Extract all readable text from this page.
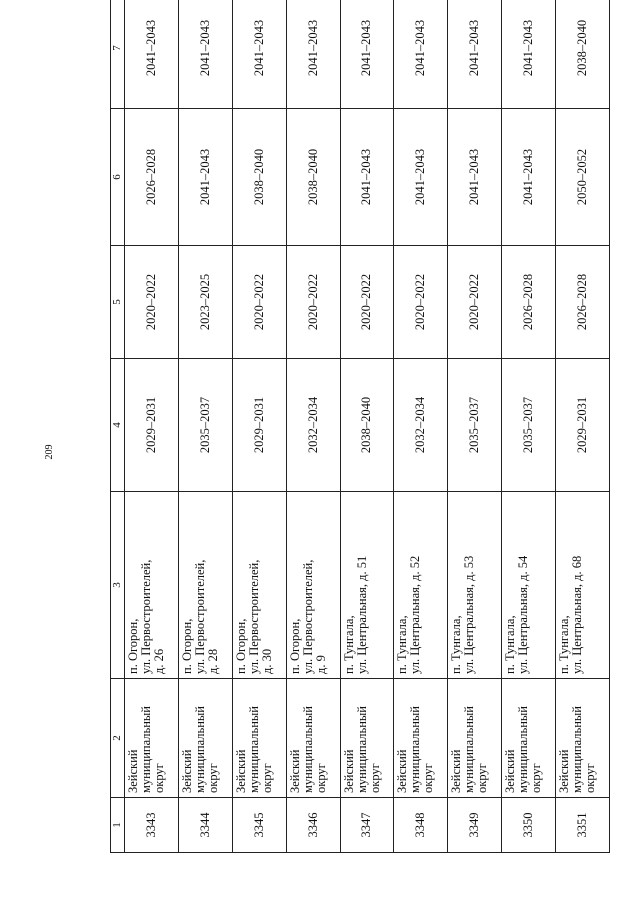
209
1	2	3	4	5	6	7
3343	Зейский муниципальный округ	п. Огорон, ул. Первостроителей, д. 26	2029–2031	2020–2022	2026–2028	2041–2043
3344	Зейский муниципальный округ	п. Огорон, ул. Первостроителей, д. 28	2035–2037	2023–2025	2041–2043	2041–2043
3345	Зейский муниципальный округ	п. Огорон, ул. Первостроителей, д. 30	2029–2031	2020–2022	2038–2040	2041–2043
3346	Зейский муниципальный округ	п. Огорон, ул. Первостроителей, д. 9	2032–2034	2020–2022	2038–2040	2041–2043
3347	Зейский муниципальный округ	п. Тунгала, ул. Центральная, д. 51	2038–2040	2020–2022	2041–2043	2041–2043
3348	Зейский муниципальный округ	п. Тунгала, ул. Центральная, д. 52	2032–2034	2020–2022	2041–2043	2041–2043
3349	Зейский муниципальный округ	п. Тунгала, ул. Центральная, д. 53	2035–2037	2020–2022	2041–2043	2041–2043
3350	Зейский муниципальный округ	п. Тунгала, ул. Центральная, д. 54	2035–2037	2026–2028	2041–2043	2041–2043
3351	Зейский муниципальный округ	п. Тунгала, ул. Центральная, д. 68	2029–2031	2026–2028	2050–2052	2038–2040
